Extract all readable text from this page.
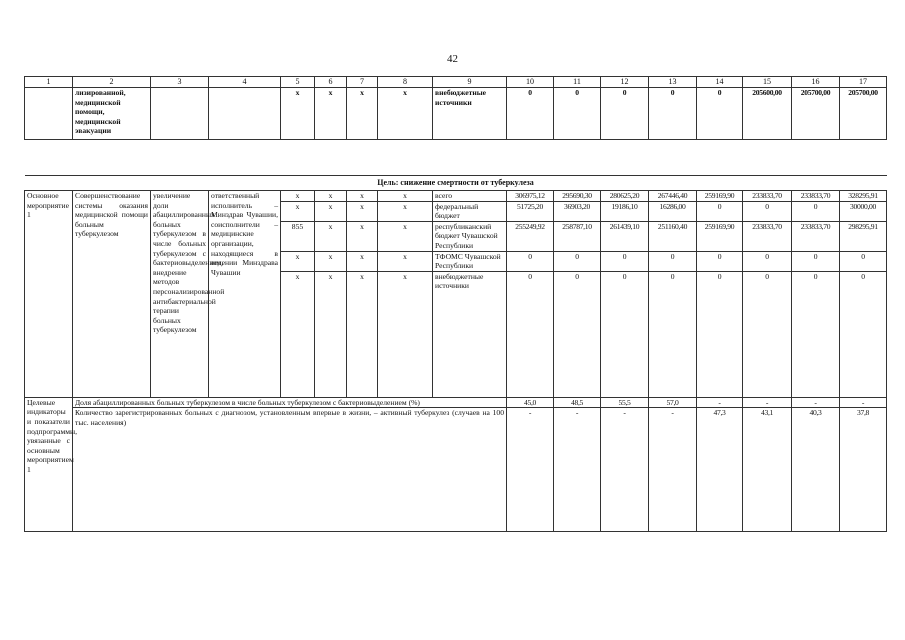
42
1	2	3	4	5	6	7	8	9	10	11	12	13	14	15	16	17
	лизированной, медицинской помощи, медицинской эвакуации			х	х	х	х	внебюджетные источники	0	0	0	0	0	205600,00	205700,00	205700,00

Цель: снижение смертности от туберкулеза																
Основное мероприятие 1	Совершенствование системы оказания медицинской помощи больным туберкулезом	увеличение доли абациллированных больных туберкулезом в числе больных туберкулезом с бактериовыделением, внедрение методов персонализированной антибактериальной терапии больных туберкулезом	ответственный исполнитель – Минздрав Чувашии, соисполнители – медицинские организации, находящиеся в ведении Минздрава Чувашии	х	х	х	х	всего	306975,12	295690,30	280625,20	267446,40	259169,90	233833,70	233833,70	328295,91
				х	х	х	х	федеральный бюджет	51725,20	36903,20	19186,10	16286,00	0	0	0	30000,00
				855	х	х	х	республиканский бюджет Чувашской Республики	255249,92	258787,10	261439,10	251160,40	259169,90	233833,70	233833,70	298295,91
				х	х	х	х	ТФОМС Чувашской Республики	0	0	0	0	0	0	0	0
				х	х	х	х	внебюджетные источники	0	0	0	0	0	0	0	0
Целевые индикаторы и показатели подпрограммы, увязанные с основным мероприятием 1	Доля абациллированных больных туберкулезом в числе больных туберкулезом с бактериовыделением (%)								45,0	48,5	55,5	57,0	-	-	-	-
	Количество зарегистрированных больных с диагнозом, установленным впервые в жизни, – активный туберкулез (случаев на 100 тыс. населения)								-	-	-	-	47,3	43,1	40,3	37,8
